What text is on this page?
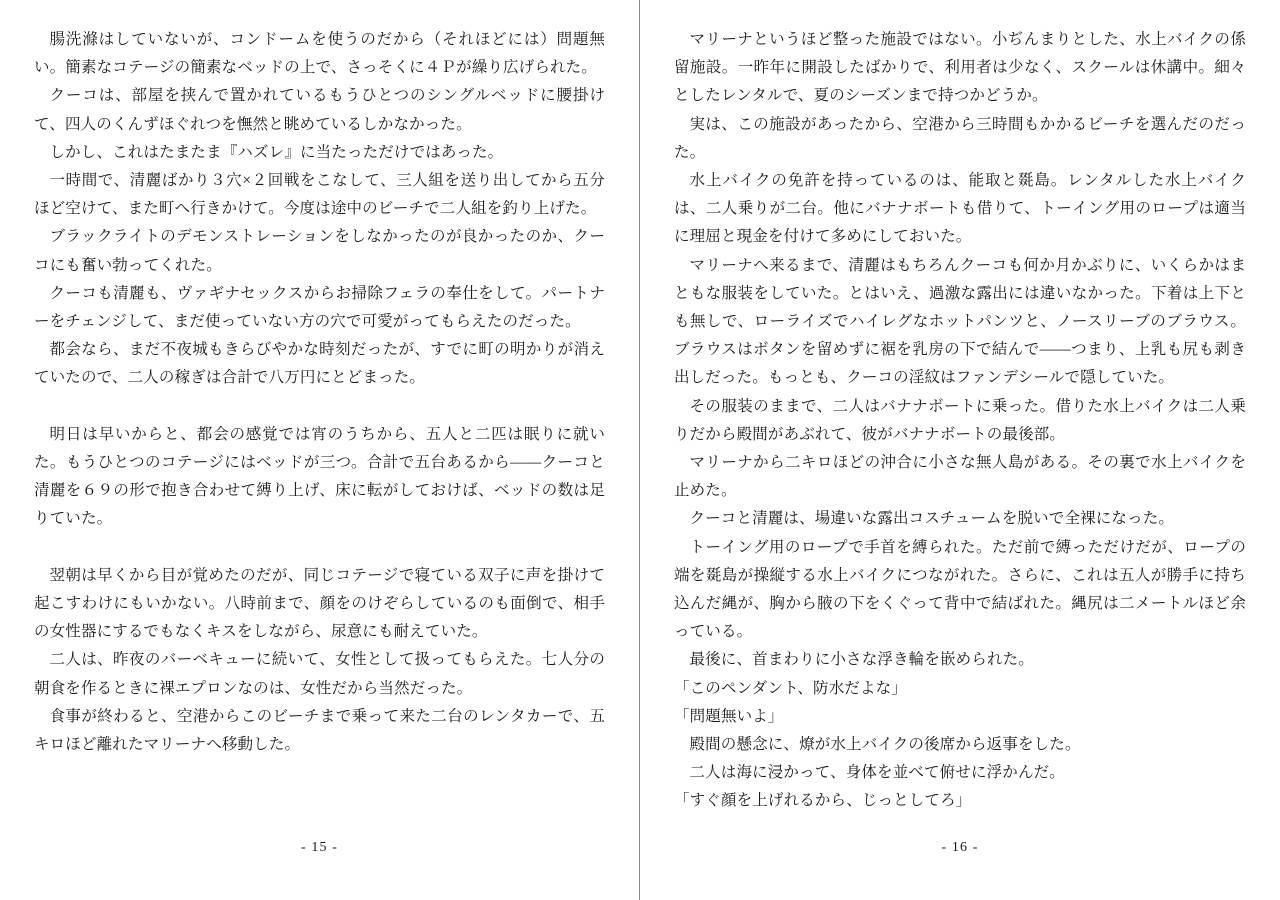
腸洗滌はしていないが、コンドームを使うのだから（それほどには）問題無い。簡素なコテージの簡素なベッドの上で、さっそくに４Ｐが繰り広げられた。

クーコは、部屋を挟んで置かれているもうひとつのシングルベッドに腰掛けて、四人のくんずほぐれつを憮然と眺めているしかなかった。

しかし、これはたまたま『ハズレ』に当たっただけではあった。

一時間で、清麗ばかり３穴×２回戦をこなして、三人組を送り出してから五分ほど空けて、また町へ行きかけて。今度は途中のビーチで二人組を釣り上げた。

ブラックライトのデモンストレーションをしなかったのが良かったのか、クーコにも奮い勃ってくれた。

クーコも清麗も、ヴァギナセックスからお掃除フェラの奉仕をして。パートナーをチェンジして、まだ使っていない方の穴で可愛がってもらえたのだった。

都会なら、まだ不夜城もきらびやかな時刻だったが、すでに町の明かりが消えていたので、二人の稼ぎは合計で八万円にとどまった。

明日は早いからと、都会の感覚では宵のうちから、五人と二匹は眠りに就いた。もうひとつのコテージにはベッドが三つ。合計で五台あるから――クーコと清麗を６９の形で抱き合わせて縛り上げ、床に転がしておけば、ベッドの数は足りていた。

翌朝は早くから目が覚めたのだが、同じコテージで寝ている双子に声を掛けて起こすわけにもいかない。八時前まで、顔をのけぞらしているのも面倒で、相手の女性器にするでもなくキスをしながら、尿意にも耐えていた。

二人は、昨夜のバーベキューに続いて、女性として扱ってもらえた。七人分の朝食を作るときに裸エプロンなのは、女性だから当然だった。

食事が終わると、空港からこのビーチまで乗って来た二台のレンタカーで、五キロほど離れたマリーナへ移動した。

- 15 -

マリーナというほど整った施設ではない。小ぢんまりとした、水上バイクの係留施設。一昨年に開設したばかりで、利用者は少なく、スクールは休講中。細々としたレンタルで、夏のシーズンまで持つかどうか。

実は、この施設があったから、空港から三時間もかかるビーチを選んだのだった。

水上バイクの免許を持っているのは、能取と毲島。レンタルした水上バイクは、二人乗りが二台。他にバナナボートも借りて、トーイング用のロープは適当に理屈と現金を付けて多めにしておいた。

マリーナへ来るまで、清麗はもちろんクーコも何か月かぶりに、いくらかはまともな服装をしていた。とはいえ、過激な露出には違いなかった。下着は上下とも無しで、ローライズでハイレグなホットパンツと、ノースリーブのブラウス。ブラウスはボタンを留めずに裾を乳房の下で結んで――つまり、上乳も尻も剥き出しだった。もっとも、クーコの淫紋はファンデシールで隠していた。

その服装のままで、二人はバナナボートに乗った。借りた水上バイクは二人乗りだから殿間があぶれて、彼がバナナボートの最後部。

マリーナから二キロほどの沖合に小さな無人島がある。その裏で水上バイクを止めた。

クーコと清麗は、場違いな露出コスチュームを脱いで全裸になった。

トーイング用のロープで手首を縛られた。ただ前で縛っただけだが、ロープの端を毲島が操縦する水上バイクにつながれた。さらに、これは五人が勝手に持ち込んだ縄が、胸から腋の下をくぐって背中で結ばれた。縄尻は二メートルほど余っている。

最後に、首まわりに小さな浮き輪を嵌められた。

「このペンダント、防水だよな」

「問題無いよ」

殿間の懸念に、燎が水上バイクの後席から返事をした。

二人は海に浸かって、身体を並べて俯せに浮かんだ。

「すぐ顔を上げれるから、じっとしてろ」

- 16 -
